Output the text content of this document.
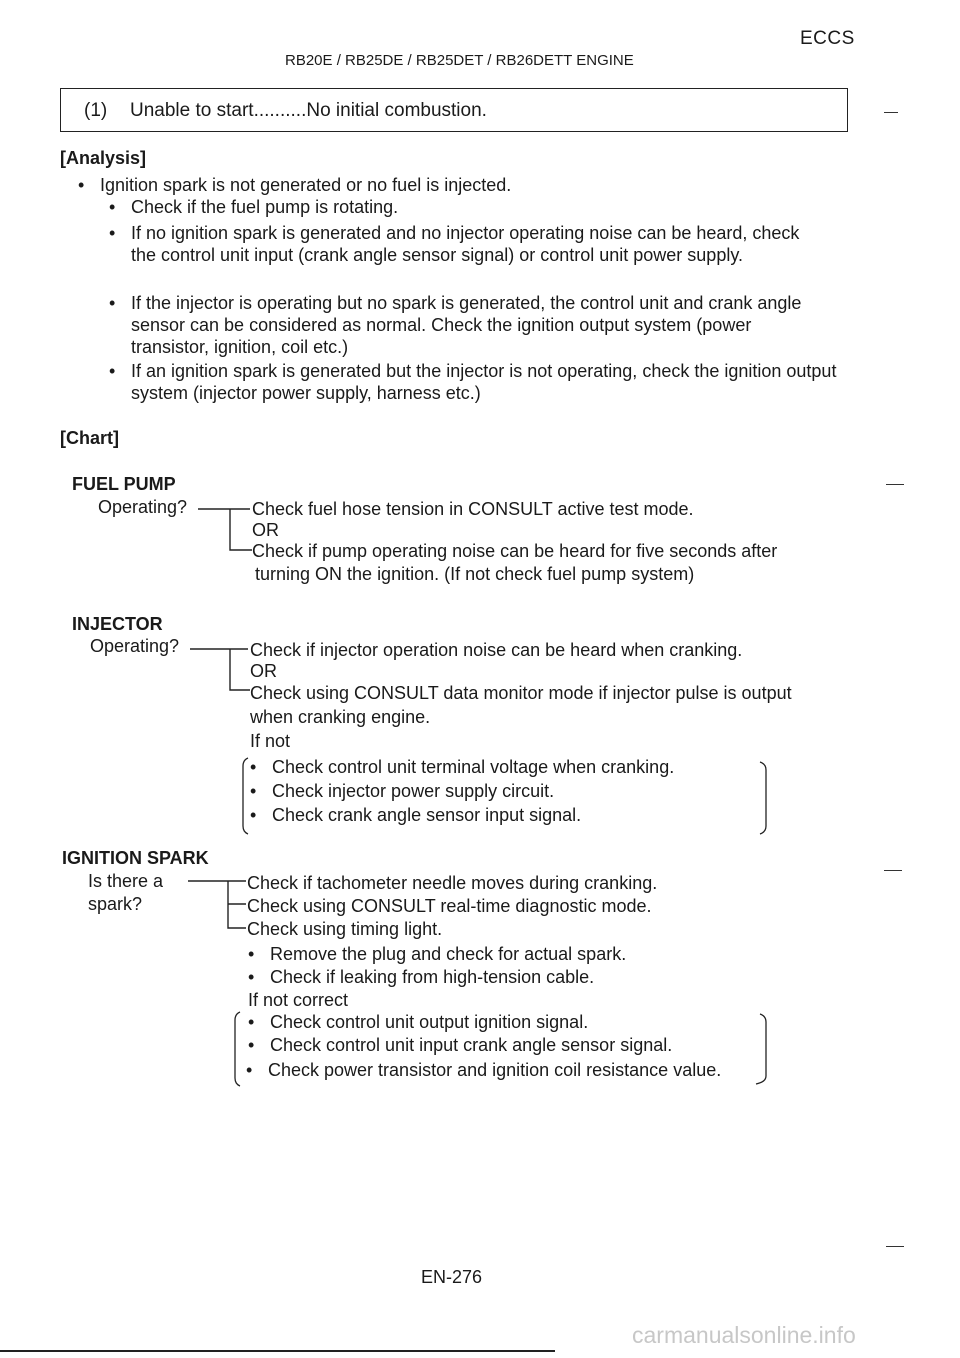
ECCS
RB20E / RB25DE / RB25DET / RB26DETT ENGINE
(1) Unable to start..........No initial combustion.
[Analysis]
• Ignition spark is not generated or no fuel is injected.
• Check if the fuel pump is rotating.
• If no ignition spark is generated and no injector operating noise can be heard, check the control unit input (crank angle sensor signal) or control unit power supply.
• If the injector is operating but no spark is generated, the control unit and crank angle sensor can be considered as normal. Check the ignition output system (power transistor, ignition, coil etc.)
• If an ignition spark is generated but the injector is not operating, check the ignition output system (injector power supply, harness etc.)
[Chart]
FUEL PUMP
Operating?	Check fuel hose tension in CONSULT active test mode.
OR
Check if pump operating noise can be heard for five seconds after
turning ON the ignition. (If not check fuel pump system)
INJECTOR
Operating?	Check if injector operation noise can be heard when cranking.
OR
Check using CONSULT data monitor mode if injector pulse is output
when cranking engine.
If not
• Check control unit terminal voltage when cranking.
• Check injector power supply circuit.
• Check crank angle sensor input signal.
IGNITION SPARK
Is there a
spark?
Check if tachometer needle moves during cranking.
Check using CONSULT real-time diagnostic mode.
Check using timing light.
• Remove the plug and check for actual spark.
• Check if leaking from high-tension cable.
If not correct
• Check control unit output ignition signal.
• Check control unit input crank angle sensor signal.
• Check power transistor and ignition coil resistance value.
EN-276
carmanualsonline.info
